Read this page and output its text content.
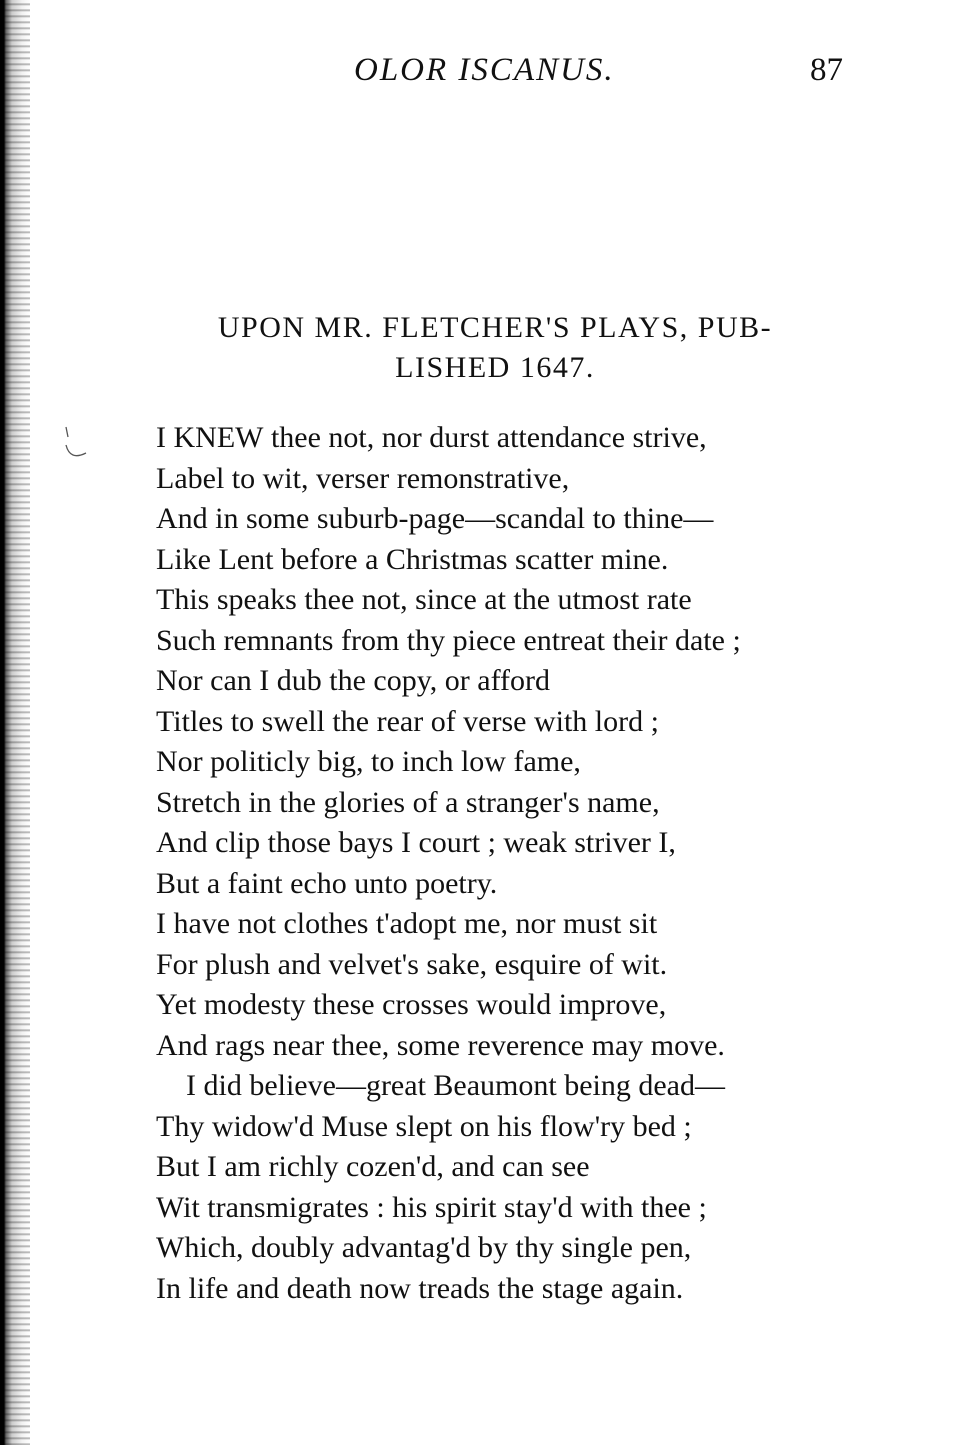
OLOR ISCANUS.	87
UPON MR. FLETCHER'S PLAYS, PUB-
LISHED 1647.
I KNEW thee not, nor durst attendance strive,
Label to wit, verser remonstrative,
And in some suburb-page—scandal to thine—
Like Lent before a Christmas scatter mine.
This speaks thee not, since at the utmost rate
Such remnants from thy piece entreat their date ;
Nor can I dub the copy, or afford
Titles to swell the rear of verse with lord ;
Nor politicly big, to inch low fame,
Stretch in the glories of a stranger's name,
And clip those bays I court ; weak striver I,
But a faint echo unto poetry.
I have not clothes t'adopt me, nor must sit
For plush and velvet's sake, esquire of wit.
Yet modesty these crosses would improve,
And rags near thee, some reverence may move.
I did believe—great Beaumont being dead—
Thy widow'd Muse slept on his flow'ry bed ;
But I am richly cozen'd, and can see
Wit transmigrates : his spirit stay'd with thee ;
Which, doubly advantag'd by thy single pen,
In life and death now treads the stage again.
